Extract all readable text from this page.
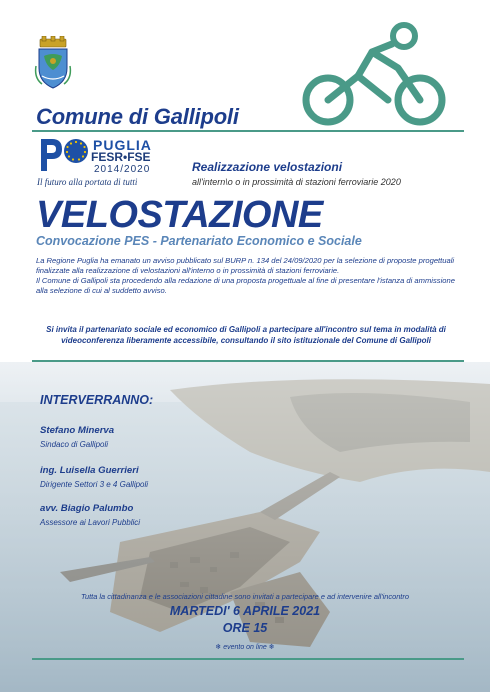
Comune di Gallipoli
PUGLIA
FESR•FSE
2014/2020
Il futuro alla portata di tutti
Realizzazione velostazioni
all'intern\o o in prossimità di stazioni ferroviarie 2020
VELOSTAZIONE
Convocazione PES - Partenariato Economico e Sociale

La Regione Puglia ha emanato un avviso pubblicato sul BURP n. 134 del 24/09/2020 per la selezione di proposte progettuali finalizzate alla realizzazione di velostazioni all'interno o in prossimità di stazioni ferroviarie.

Il Comune di Gallipoli sta procedendo alla redazione di una proposta progettuale al fine di presentare l'istanza di ammissione alla selezione di cui al suddetto avviso.

Si invita il partenariato sociale ed economico di Gallipoli a partecipare all'incontro sul tema in modalità di videoconferenza liberamente accessibile, consultando il sito istituzionale del Comune di Gallipoli

INTERVERRANNO:
Stefano Minerva
Sindaco di Gallipoli
ing. Luisella Guerrieri
Dirigente Settori 3 e 4 Gallipoli
avv. Biagio Palumbo
Assessore ai Lavori Pubblici
Tutta la cittadinanza e le associazioni cittadine sono invitati a partecipare e ad intervenire all'incontro
MARTEDI' 6 APRILE 2021
ORE 15
❄ evento on line ❄
